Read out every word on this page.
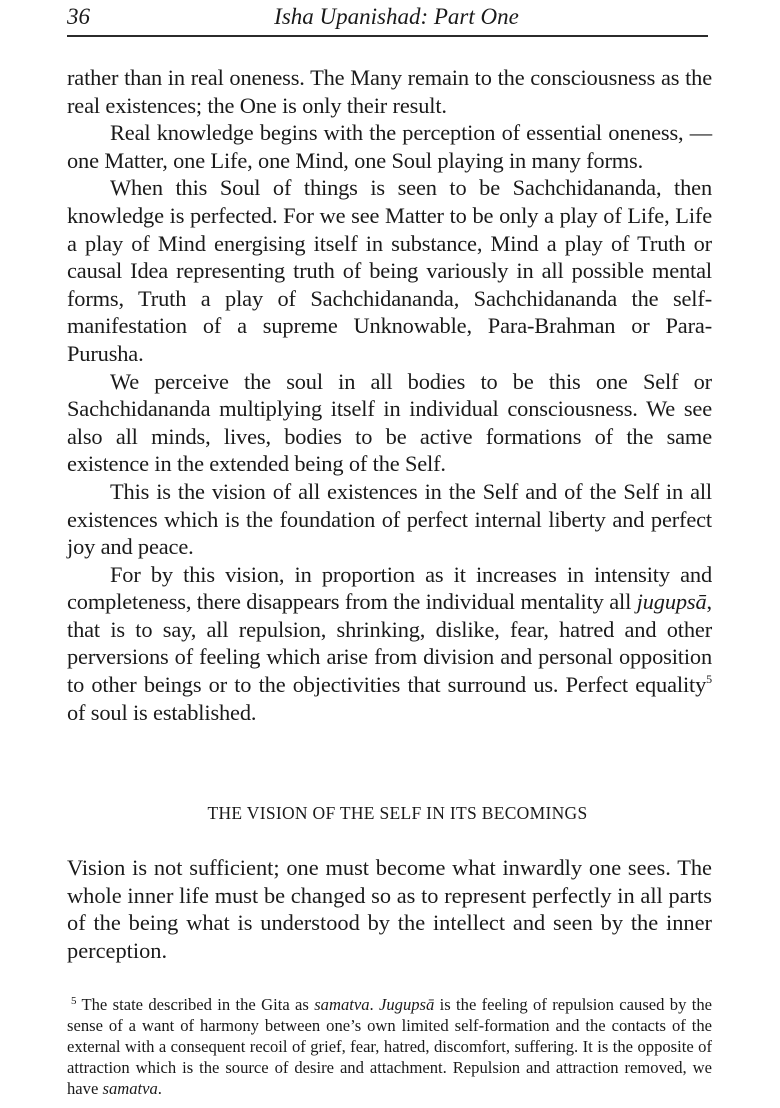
36	Isha Upanishad: Part One

rather than in real oneness. The Many remain to the consciousness as the real existences; the One is only their result.

Real knowledge begins with the perception of essential oneness, — one Matter, one Life, one Mind, one Soul playing in many forms.

When this Soul of things is seen to be Sachchidananda, then knowledge is perfected. For we see Matter to be only a play of Life, Life a play of Mind energising itself in substance, Mind a play of Truth or causal Idea representing truth of being variously in all possible mental forms, Truth a play of Sachchidananda, Sachchidananda the self-manifestation of a supreme Unknowable, Para-Brahman or Para-Purusha.

We perceive the soul in all bodies to be this one Self or Sachchidananda multiplying itself in individual consciousness. We see also all minds, lives, bodies to be active formations of the same existence in the extended being of the Self.

This is the vision of all existences in the Self and of the Self in all existences which is the foundation of perfect internal liberty and perfect joy and peace.

For by this vision, in proportion as it increases in intensity and completeness, there disappears from the individual mentality all jugupsā, that is to say, all repulsion, shrinking, dislike, fear, hatred and other perversions of feeling which arise from division and personal opposition to other beings or to the objectivities that surround us. Perfect equality$^5$ of soul is established.

THE VISION OF THE SELF IN ITS BECOMINGS

Vision is not sufficient; one must become what inwardly one sees. The whole inner life must be changed so as to represent perfectly in all parts of the being what is understood by the intellect and seen by the inner perception.

$^5$ The state described in the Gita as samatva. Jugupsā is the feeling of repulsion caused by the sense of a want of harmony between one’s own limited self-formation and the contacts of the external with a consequent recoil of grief, fear, hatred, discomfort, suffering. It is the opposite of attraction which is the source of desire and attachment. Repulsion and attraction removed, we have samatva.
